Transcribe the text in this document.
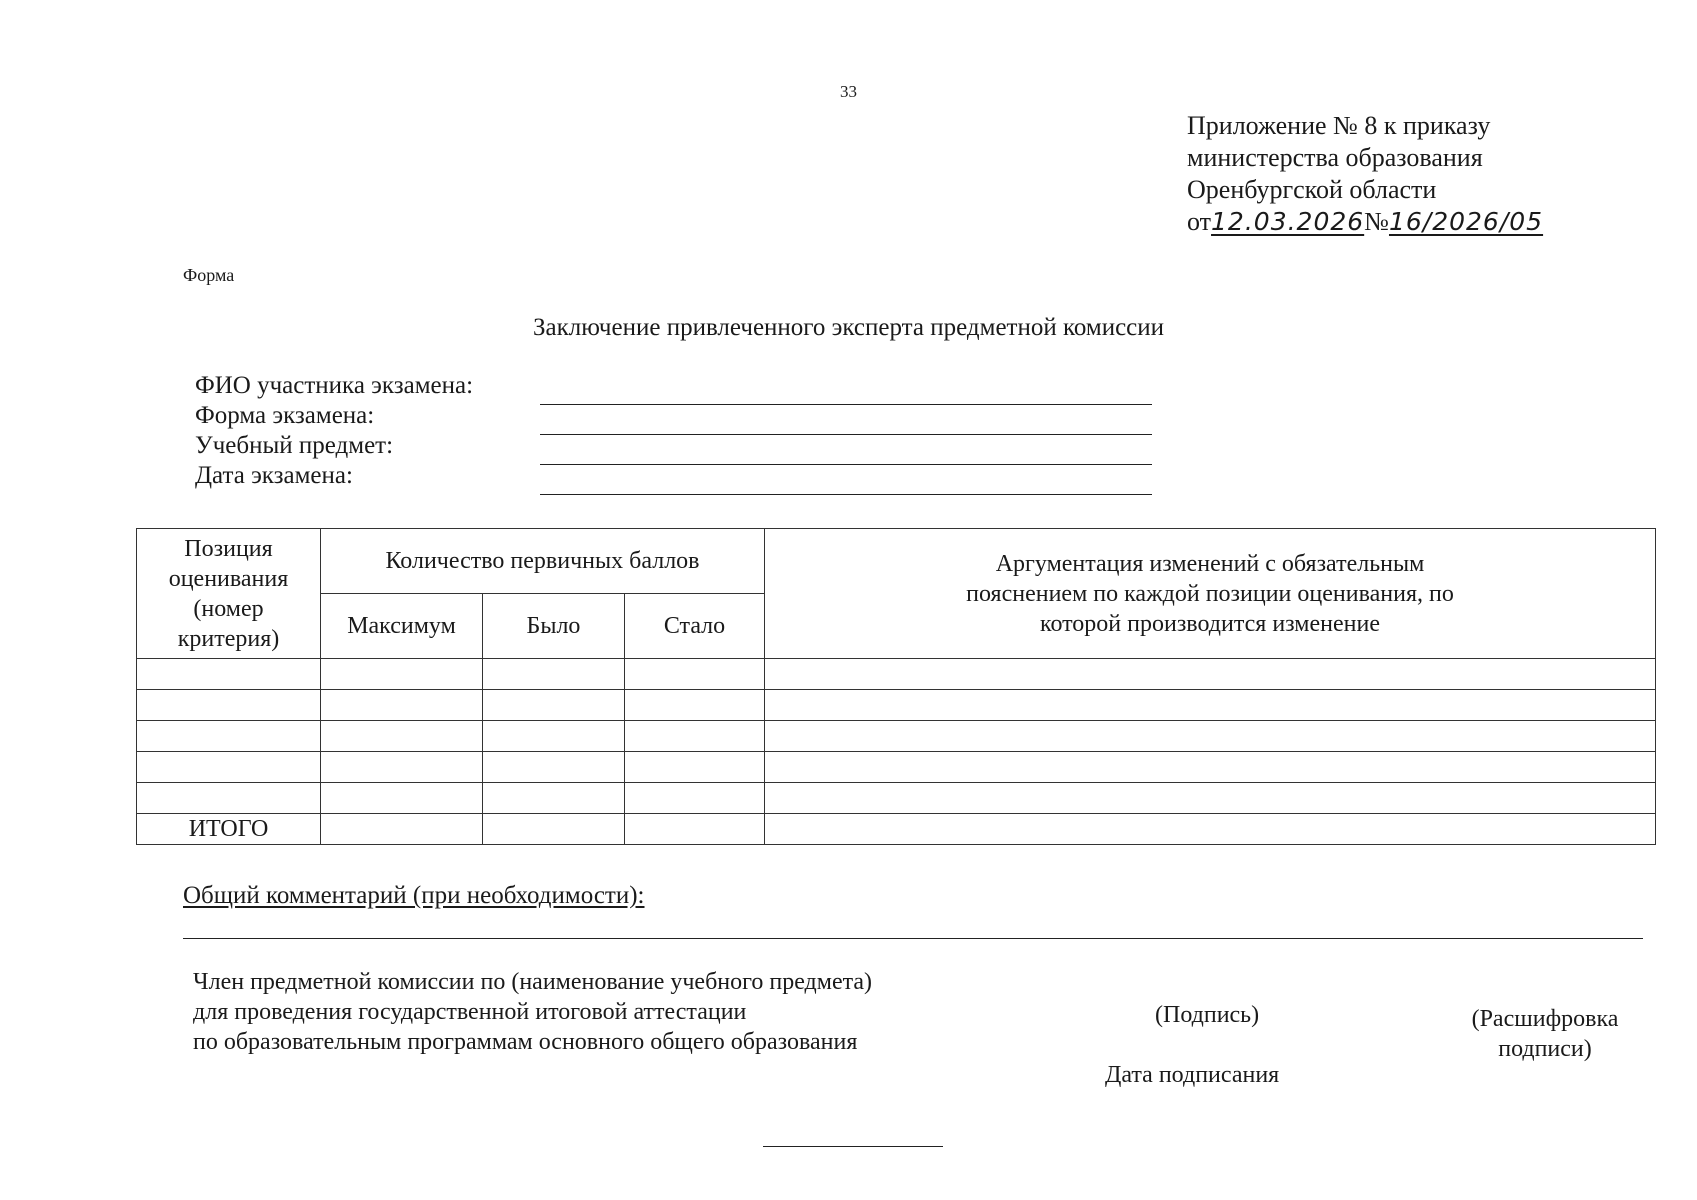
33
Приложение № 8 к приказу
министерства образования
Оренбургской области
от12.03.2026№16/2026/05
Форма
Заключение привлеченного эксперта предметной комиссии
ФИО участника экзамена:
Форма экзамена:
Учебный предмет:
Дата экзамена:
Позиция оценивания (номер критерия)	Количество первичных баллов			Аргументация изменений с обязательным пояснением по каждой позиции оценивания, по которой производится изменение
	Максимум	Было	Стало	

ИТОГО				
Общий комментарий (при необходимости):
Член предметной комиссии по (наименование учебного предмета)
для проведения государственной итоговой аттестации
по образовательным программам основного общего образования
(Подпись)	(Расшифровка подписи)
Дата подписания
